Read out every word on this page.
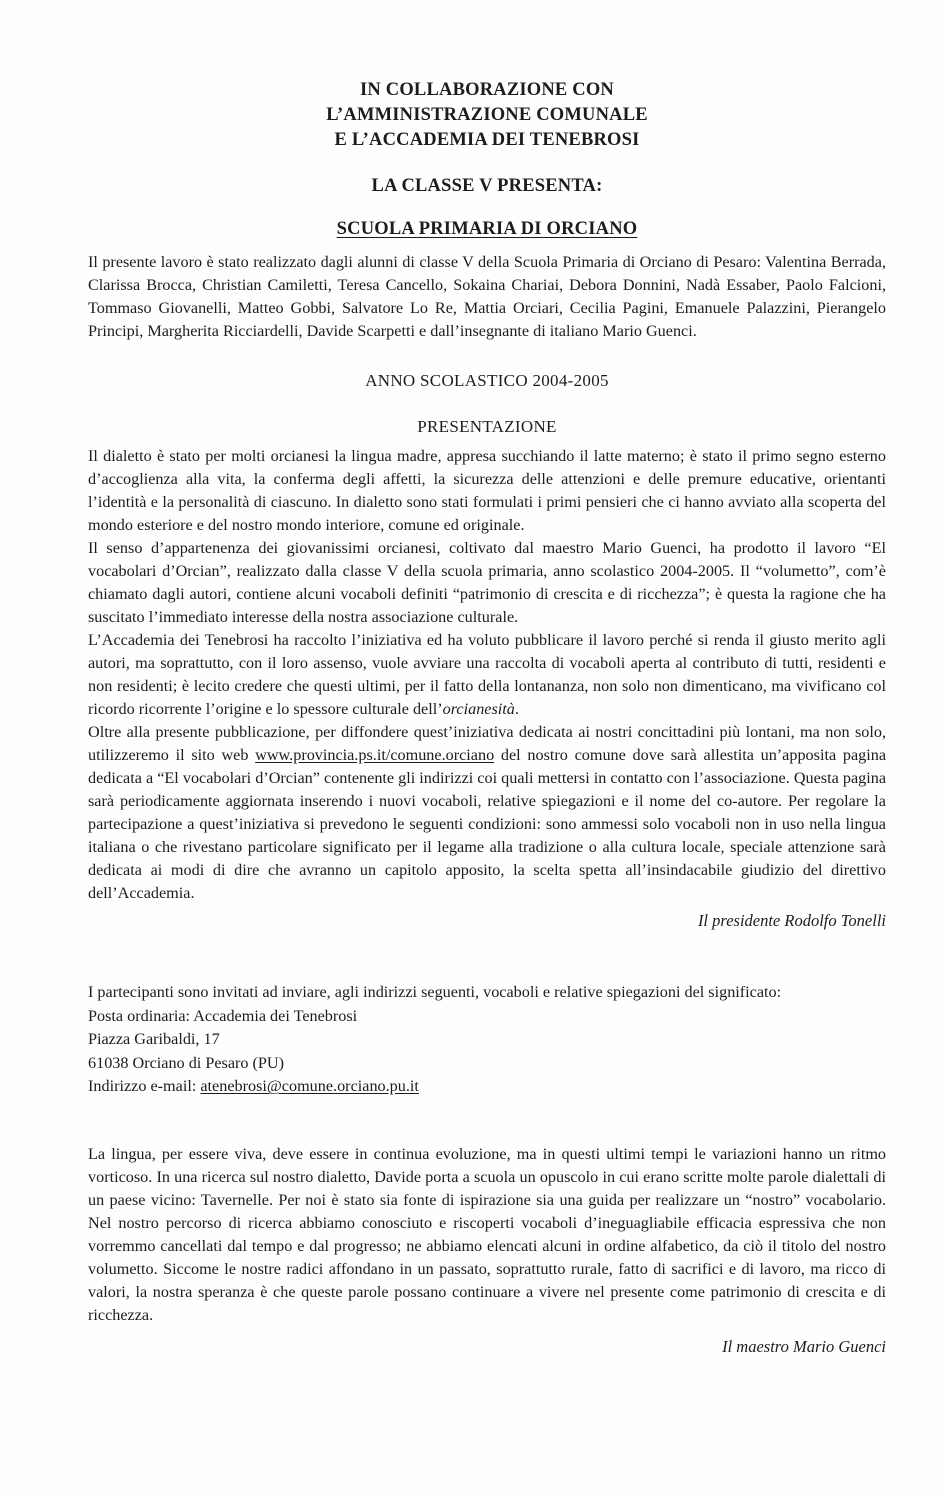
IN COLLABORAZIONE CON
L’AMMINISTRAZIONE COMUNALE
E L’ACCADEMIA DEI TENEBROSI
LA CLASSE V PRESENTA:
SCUOLA PRIMARIA DI ORCIANO

Il presente lavoro è stato realizzato dagli alunni di classe V della Scuola Primaria di Orciano di Pesaro: Valentina Berrada, Clarissa Brocca, Christian Camiletti, Teresa Cancello, Sokaina Chariai, Debora Donnini, Nadà Essaber, Paolo Falcioni, Tommaso Giovanelli, Matteo Gobbi, Salvatore Lo Re, Mattia Orciari, Cecilia Pagini, Emanuele Palazzini, Pierangelo Principi, Margherita Ricciardelli, Davide Scarpetti e dall’insegnante di italiano Mario Guenci.

ANNO SCOLASTICO 2004-2005
PRESENTAZIONE

Il dialetto è stato per molti orcianesi la lingua madre, appresa succhiando il latte materno; è stato il primo segno esterno d’accoglienza alla vita, la conferma degli affetti, la sicurezza delle attenzioni e delle premure educative, orientanti l’identità e la personalità di ciascuno. In dialetto sono stati formulati i primi pensieri che ci hanno avviato alla scoperta del mondo esteriore e del nostro mondo interiore, comune ed originale.

Il senso d’appartenenza dei giovanissimi orcianesi, coltivato dal maestro Mario Guenci, ha prodotto il lavoro “El vocabolari d’Orcian”, realizzato dalla classe V della scuola primaria, anno scolastico 2004-2005. Il “volumetto”, com’è chiamato dagli autori, contiene alcuni vocaboli definiti “patrimonio di crescita e di ricchezza”; è questa la ragione che ha suscitato l’immediato interesse della nostra associazione culturale.

L’Accademia dei Tenebrosi ha raccolto l’iniziativa ed ha voluto pubblicare il lavoro perché si renda il giusto merito agli autori, ma soprattutto, con il loro assenso, vuole avviare una raccolta di vocaboli aperta al contributo di tutti, residenti e non residenti; è lecito credere che questi ultimi, per il fatto della lontananza, non solo non dimenticano, ma vivificano col ricordo ricorrente l’origine e lo spessore culturale dell’orcianesità.

Oltre alla presente pubblicazione, per diffondere quest’iniziativa dedicata ai nostri concittadini più lontani, ma non solo, utilizzeremo il sito web www.provincia.ps.it/comune.orciano del nostro comune dove sarà allestita un’apposita pagina dedicata a “El vocabolari d’Orcian” contenente gli indirizzi coi quali mettersi in contatto con l’associazione. Questa pagina sarà periodicamente aggiornata inserendo i nuovi vocaboli, relative spiegazioni e il nome del co-autore. Per regolare la partecipazione a quest’iniziativa si prevedono le seguenti condizioni: sono ammessi solo vocaboli non in uso nella lingua italiana o che rivestano particolare significato per il legame alla tradizione o alla cultura locale, speciale attenzione sarà dedicata ai modi di dire che avranno un capitolo apposito, la scelta spetta all’insindacabile giudizio del direttivo dell’Accademia.

Il presidente Rodolfo Tonelli
I partecipanti sono invitati ad inviare, agli indirizzi seguenti, vocaboli e relative spiegazioni del significato:
Posta ordinaria: Accademia dei Tenebrosi
Piazza Garibaldi, 17
61038 Orciano di Pesaro (PU)
Indirizzo e-mail: atenebrosi@comune.orciano.pu.it

La lingua, per essere viva, deve essere in continua evoluzione, ma in questi ultimi tempi le variazioni hanno un ritmo vorticoso. In una ricerca sul nostro dialetto, Davide porta a scuola un opuscolo in cui erano scritte molte parole dialettali di un paese vicino: Tavernelle. Per noi è stato sia fonte di ispirazione sia una guida per realizzare un “nostro” vocabolario. Nel nostro percorso di ricerca abbiamo conosciuto e riscoperti vocaboli d’ineguagliabile efficacia espressiva che non vorremmo cancellati dal tempo e dal progresso; ne abbiamo elencati alcuni in ordine alfabetico, da ciò il titolo del nostro volumetto. Siccome le nostre radici affondano in un passato, soprattutto rurale, fatto di sacrifici e di lavoro, ma ricco di valori, la nostra speranza è che queste parole possano continuare a vivere nel presente come patrimonio di crescita e di ricchezza.

Il maestro Mario Guenci
